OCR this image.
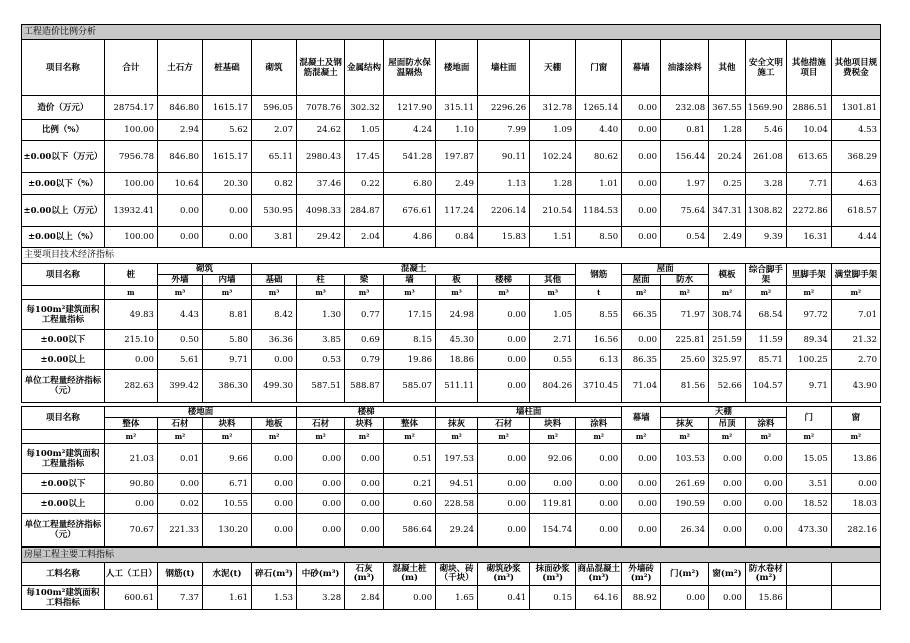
工程造价比例分析
项目名称	合计	土石方	桩基础	砌筑	混凝土及钢筋混凝土	金属结构	屋面防水保温隔热	楼地面	墙柱面	天棚	门窗	幕墙	油漆涂料	其他	安全文明施工	其他措施项目	其他项目规费税金
造价（万元）	28754.17	846.80	1615.17	596.05	7078.76	302.32	1217.90	315.11	2296.26	312.78	1265.14	0.00	232.08	367.55	1569.90	2886.51	1301.81
比例（%）	100.00	2.94	5.62	2.07	24.62	1.05	4.24	1.10	7.99	1.09	4.40	0.00	0.81	1.28	5.46	10.04	4.53
±0.00以下（万元）	7956.78	846.80	1615.17	65.11	2980.43	17.45	541.28	197.87	90.11	102.24	80.62	0.00	156.44	20.24	261.08	613.65	368.29
±0.00以下（%）	100.00	10.64	20.30	0.82	37.46	0.22	6.80	2.49	1.13	1.28	1.01	0.00	1.97	0.25	3.28	7.71	4.63
±0.00以上（万元）	13932.41	0.00	0.00	530.95	4098.33	284.87	676.61	117.24	2206.14	210.54	1184.53	0.00	75.64	347.31	1308.82	2272.86	618.57
±0.00以上（%）	100.00	0.00	0.00	3.81	29.42	2.04	4.86	0.84	15.83	1.51	8.50	0.00	0.54	2.49	9.39	16.31	4.44
主要项目技术经济指标
项目名称	桩	砌筑		混凝土							钢筋	屋面		模板	综合脚手架	里脚手架	满堂脚手架
		外墙	内墙	基础	柱	梁	墙	板	楼梯	其他		屋面	防水				
	m	m³	m³	m³	m³	m³	m³	m³	m³	m³	t	m²	m²	m²	m²	m²	m²
每100m²建筑面积工程量指标	49.83	4.43	8.81	8.42	1.30	0.77	17.15	24.98	0.00	1.05	8.55	66.35	71.97	308.74	68.54	97.72	7.01
±0.00以下	215.10	0.50	5.80	36.36	3.85	0.69	8.15	45.30	0.00	2.71	16.56	0.00	225.81	251.59	11.59	89.34	21.32
±0.00以上	0.00	5.61	9.71	0.00	0.53	0.79	19.86	18.86	0.00	0.55	6.13	86.35	25.60	325.97	85.71	100.25	2.70
单位工程量经济指标（元）	282.63	399.42	386.30	499.30	587.51	588.87	585.07	511.11	0.00	804.26	3710.45	71.04	81.56	52.66	104.57	9.71	43.90
项目名称	楼地面				楼梯			墙柱面				幕墙	天棚			门	窗
	整体	石材	块料	地板	石材	块料	整体	抹灰	石材	块料	涂料		抹灰	吊顶	涂料		
	m²	m²	m²	m²	m²	m²	m²	m²	m²	m²	m²	m²	m²	m²	m²	m²	m²
每100m²建筑面积工程量指标	21.03	0.01	9.66	0.00	0.00	0.00	0.51	197.53	0.00	92.06	0.00	0.00	103.53	0.00	0.00	15.05	13.86
±0.00以下	90.80	0.00	6.71	0.00	0.00	0.00	0.21	94.51	0.00	0.00	0.00	0.00	261.69	0.00	0.00	3.51	0.00
±0.00以上	0.00	0.02	10.55	0.00	0.00	0.00	0.60	228.58	0.00	119.81	0.00	0.00	190.59	0.00	0.00	18.52	18.03
单位工程量经济指标（元）	70.67	221.33	130.20	0.00	0.00	0.00	586.64	29.24	0.00	154.74	0.00	0.00	26.34	0.00	0.00	473.30	282.16
房屋工程主要工料指标
工料名称	人工（工日）	钢筋(t)	水泥(t)	碎石(m³)	中砂(m³)	石灰(m³)	混凝土桩(m)	砌块、砖（千块）	砌筑砂浆(m³)	抹面砂浆(m³)	商品混凝土(m³)	外墙砖(m²)	门(m²)	窗(m²)	防水卷材(m²)		
每100m²建筑面积工料指标	600.61	7.37	1.61	1.53	3.28	2.84	0.00	1.65	0.41	0.15	64.16	88.92	0.00	0.00	15.86		
